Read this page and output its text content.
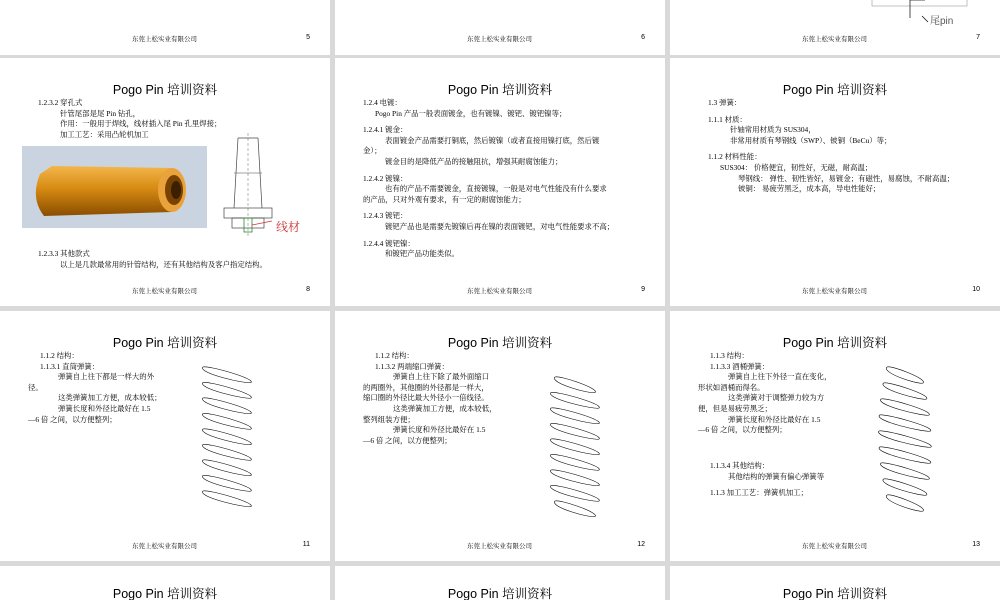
东莞上松实业有限公司	5	东莞上松实业有限公司	6
尾pin
东莞上松实业有限公司	7
Pogo Pin 培训资料

1.2.3.2 穿孔式

针管尾部是尾 Pin 钻孔，

作用：一般用于焊线，线材插入尾 Pin 孔里焊接；

加工工艺：采用凸轮机加工

线材

1.2.3.3 其他款式

以上是几款最常用的针管结构，还有其他结构及客户指定结构。

东莞上松实业有限公司	8
Pogo Pin 培训资料

1.2.4 电镀：

Pogo Pin 产品一般表面镀金，也有镀镍、镀钯、镀钯镍等；

1.2.4.1 镀金：

表面镀金产品需要打铜底，然后镀镍（或者直接用镍打底，然后镀

金）；

镀金目的是降低产品的接触阻抗，增强其耐腐蚀能力；

1.2.4.2 镀镍：

也有的产品不需要镀金，直接镀镍，一般是对电气性能没有什么要求

的产品，只对外观有要求，有一定的耐腐蚀能力；

1.2.4.3 镀钯：

镀钯产品也是需要先镀镍后再在镍的表面镀钯，对电气性能要求不高；

1.2.4.4 镀钯镍：

和镀钯产品功能类似。

东莞上松实业有限公司	9
Pogo Pin 培训资料

1.3 弹簧：

1.1.1 材质：

针轴常用材质为 SUS304，

非常用材质有琴钢线（SWP）、铍铜（BeCu）等；

1.1.2 材料性能：

SUS304： 价格便宜，韧性好，无磁，耐高温；

琴钢线： 弹性、韧性皆好，易镀金；有磁性，易腐蚀，不耐高温；

铍铜： 易疲劳黑乏，成本高，导电性能好；

东莞上松实业有限公司	10
Pogo Pin 培训资料

1.1.2 结构：

1.1.3.1 直筒弹簧：

弹簧自上往下都是一样大的外

径。

这类弹簧加工方便，成本较低；

弹簧长度和外径比最好在 1.5

—6 倍 之间，以方便整列；

东莞上松实业有限公司	11
Pogo Pin 培训资料

1.1.2 结构：

1.1.3.2 两端缩口弹簧：

弹簧自上往下除了最外面缩口

的两圈外，其他圈的外径都是一样大，

缩口圈的外径比最大外径小一倍线径。

这类弹簧加工方便，成本较低，

整列组装方便；

弹簧长度和外径比最好在 1.5

—6 倍 之间，以方便整列；

东莞上松实业有限公司	12
Pogo Pin 培训资料

1.1.3 结构：

1.1.3.3 酒桶弹簧：

弹簧自上往下外径一直在变化，

形状如酒桶而得名。

这类弹簧对于调整弹力较为方

便，但是易疲劳黑乏；

弹簧长度和外径比最好在 1.5

—6 倍 之间，以方便整列；

1.1.3.4 其他结构：

其他结构的弹簧有偏心弹簧等

1.1.3 加工工艺：弹簧机加工；

东莞上松实业有限公司	13
Pogo Pin 培训资料	Pogo Pin 培训资料	Pogo Pin 培训资料
